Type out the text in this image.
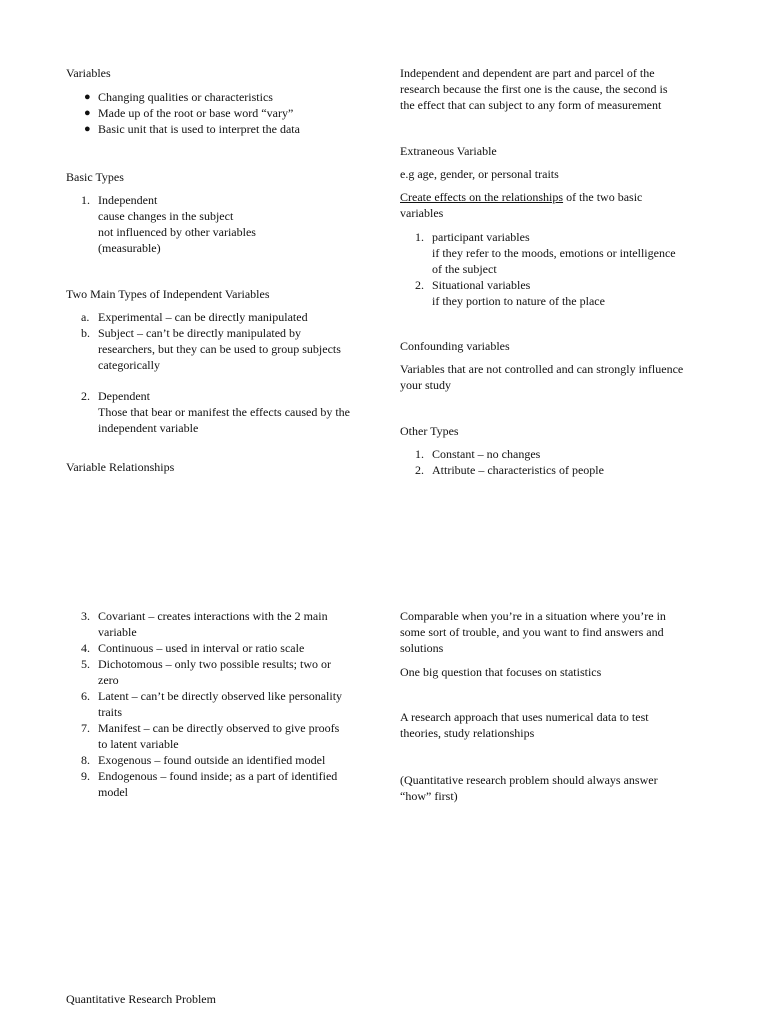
Variables
● Changing qualities or characteristics
● Made up of the root or base word “vary”
● Basic unit that is used to interpret the data
Basic Types
1. Independent
cause changes in the subject
not influenced by other variables
(measurable)
Two Main Types of Independent Variables
a. Experimental – can be directly manipulated
b. Subject – can’t be directly manipulated by
researchers, but they can be used to group subjects
categorically
2. Dependent
Those that bear or manifest the effects caused by the
independent variable
Variable Relationships
Independent and dependent are part and parcel of the
research because the first one is the cause, the second is
the effect that can subject to any form of measurement
Extraneous Variable
e.g age, gender, or personal traits
Create effects on the relationships of the two basic
variables
1. participant variables
if they refer to the moods, emotions or intelligence
of the subject
2. Situational variables
if they portion to nature of the place
Confounding variables
Variables that are not controlled and can strongly influence
your study
Other Types
1. Constant – no changes
2. Attribute – characteristics of people
3. Covariant – creates interactions with the 2 main
variable
4. Continuous – used in interval or ratio scale
5. Dichotomous – only two possible results; two or
zero
6. Latent – can’t be directly observed like personality
traits
7. Manifest – can be directly observed to give proofs
to latent variable
8. Exogenous – found outside an identified model
9. Endogenous – found inside; as a part of identified
model
Comparable when you’re in a situation where you’re in
some sort of trouble, and you want to find answers and
solutions
One big question that focuses on statistics
A research approach that uses numerical data to test
theories, study relationships
(Quantitative research problem should always answer
“how” first)
Quantitative Research Problem
